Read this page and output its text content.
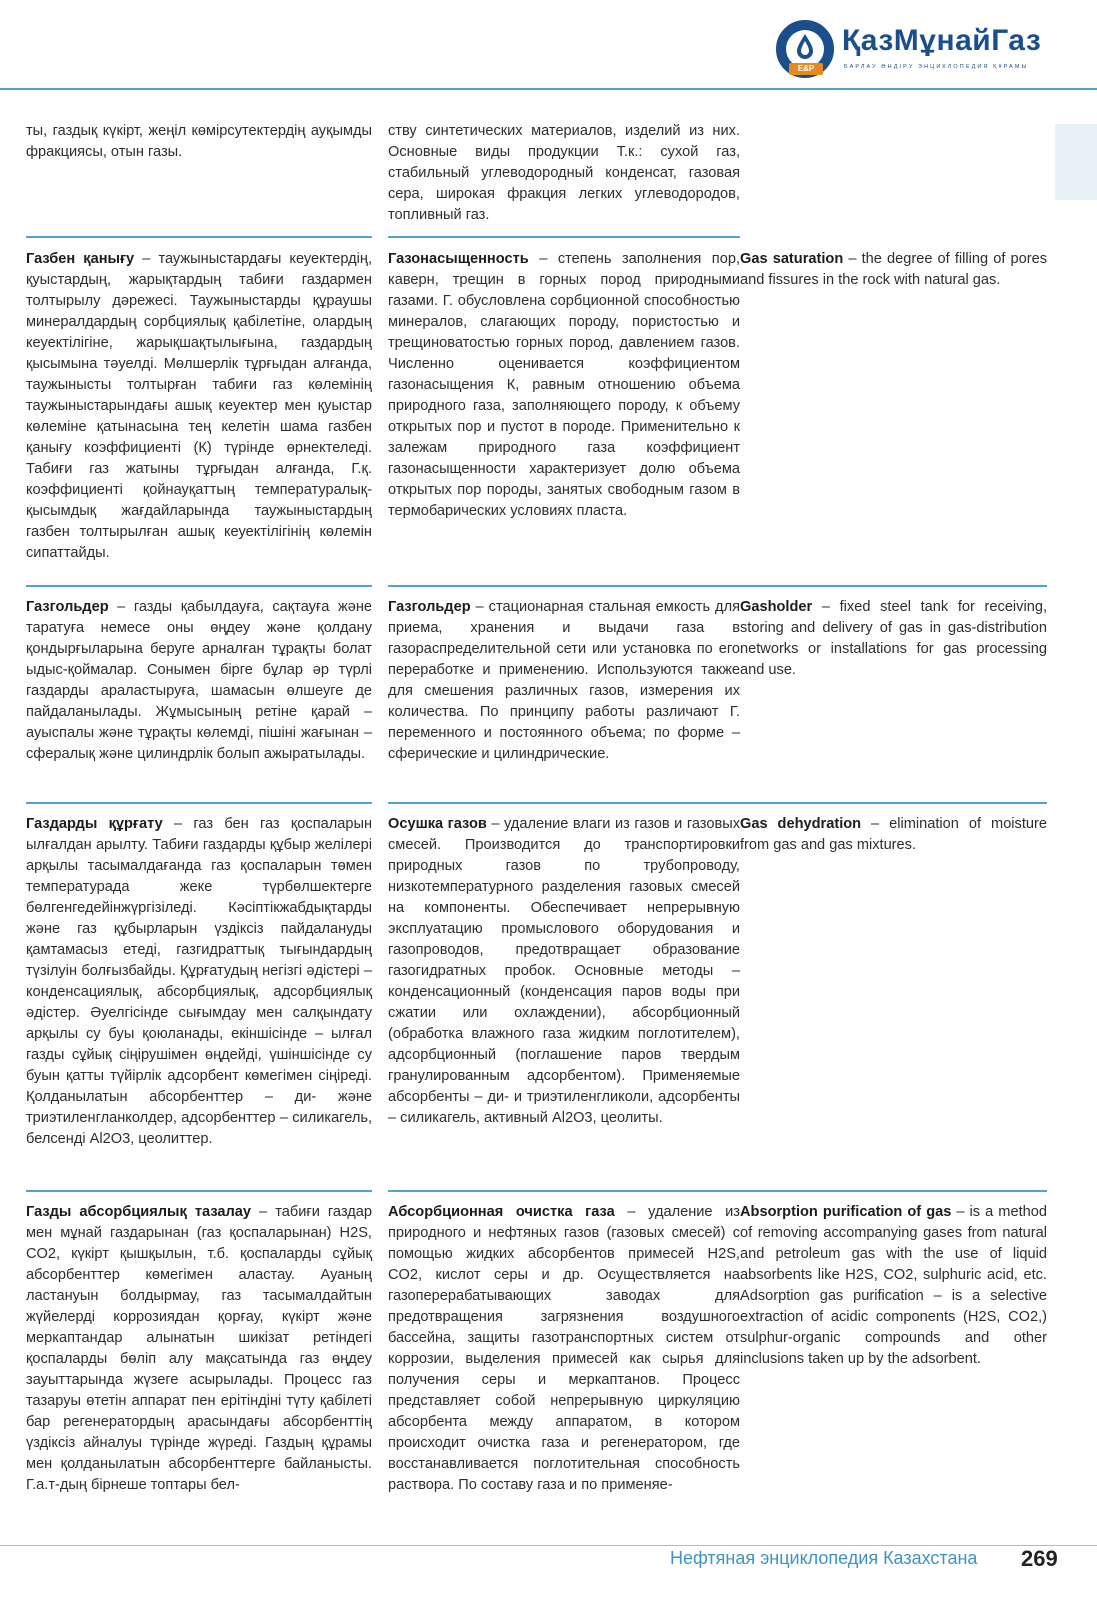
E&P
ҚазМұнайГаз
БАРЛАУ ӨНДІРУ ЭНЦИКЛОПЕДИЯ ҚҰРАМЫ
ты, газдық күкірт, жеңіл көмірсутектердің ауқымды фракциясы, отын газы.
ству синтетических материалов, изделий из них. Основные виды продукции Т.к.: сухой газ, стабильный углеводородный конденсат, газовая сера, широкая фракция легких углеводородов, топливный газ.
Газбен қанығу – таужыныстардағы кеуектердің, қуыстардың, жарықтардың табиғи газдармен толтырылу дәрежесі. Таужыныстарды құраушы минералдардың сорбциялық қабілетіне, олардың кеуектілігіне, жарықшақтылығына, газдардың қысымына тәуелді. Мөлшерлік тұрғыдан алғанда, таужынысты толтырған табиғи газ көлемінің таужыныстарындағы ашық кеуектер мен қуыстар көлеміне қатынасына тең келетін шама газбен қанығу коэффициенті (К) түрінде өрнектеледі. Табиғи газ жатыны тұрғыдан алғанда, Г.қ. коэффициенті қойнауқаттың температуралық-қысымдық жағдайларында таужыныстардың газбен толтырылған ашық кеуектілігінің көлемін сипаттайды.
Газонасыщенность – степень заполнения пор, каверн, трещин в горных пород природными газами. Г. обусловлена сорбционной способностью минералов, слагающих породу, пористостью и трещиноватостью горных пород, давлением газов. Численно оценивается коэффициентом газонасыщения К, равным отношению объема природного газа, заполняющего породу, к объему открытых пор и пустот в породе. Применительно к залежам природного газа коэффициент газонасыщенности характеризует долю объема открытых пор породы, занятых свободным газом в термобарических условиях пласта.
Gas saturation – the degree of filling of pores and fissures in the rock with natural gas.
Газгольдер – газды қабылдауға, сақтауға және таратуға немесе оны өңдеу және қолдану қондырғыларына беруге арналған тұрақты болат ыдыс-қоймалар. Сонымен бірге бұлар әр түрлі газдарды араластыруға, шамасын өлшеуге де пайдаланылады. Жұмысының ретіне қарай – ауыспалы және тұрақты көлемді, пішіні жағынан – сфералық және цилиндрлік болып ажыратылады.
Газгольдер – стационарная стальная емкость для приема, хранения и выдачи газа в газораспределительной сети или установка по его переработке и применению. Используются также для смешения различных газов, измерения их количества. По принципу работы различают Г. переменного и постоянного объема; по форме – сферические и цилиндрические.
Gasholder – fixed steel tank for receiving, storing and delivery of gas in gas-distribution networks or installations for gas processing and use.
Газдарды құрғату – газ бен газ қоспаларын ылғалдан арылту. Табиғи газдарды құбыр желілері арқылы тасымалдағанда газ қоспаларын төмен температурада жеке түрбөлшектерге бөлгенгедейінжүргізіледі. Кәсіптікжабдықтарды және газ құбырларын үздіксіз пайдалануды қамтамасыз етеді, газгидраттық тығындардың түзілуін болғызбайды. Құрғатудың негізгі әдістері – конденсациялық, абсорбциялық, адсорбциялық әдістер. Әуелгісінде сығымдау мен салқындату арқылы су буы қоюланады, екіншісінде – ылғал газды сұйық сіңірушімен өңдейді, үшіншісінде су буын қатты түйірлік адсорбент көмегімен сіңіреді. Қолданылатын абсорбенттер – ди- және триэтиленгланколдер, адсорбенттер – силикагель, белсенді Al2O3, цеолиттер.
Осушка газов – удаление влаги из газов и газовых смесей. Производится до транспортировки природных газов по трубопроводу, низкотемпературного разделения газовых смесей на компоненты. Обеспечивает непрерывную эксплуатацию промыслового оборудования и газопроводов, предотвращает образование газогидратных пробок. Основные методы – конденсационный (конденсация паров воды при сжатии или охлаждении), абсорбционный (обработка влажного газа жидким поглотителем), адсорбционный (поглашение паров твердым гранулированным адсорбентом). Применяемые абсорбенты – ди- и триэтиленгликоли, адсорбенты – силикагель, активный Al2O3, цеолиты.
Gas dehydration – elimination of moisture from gas and gas mixtures.
Газды абсорбциялық тазалау – табиғи газдар мен мұнай газдарынан (газ қоспаларынан) H2S, CO2, күкірт қышқылын, т.б. қоспаларды сұйық абсорбенттер көмегімен аластау. Ауаның ластануын болдырмау, газ тасымалдайтын жүйелерді коррозиядан қорғау, күкірт және меркаптандар алынатын шикізат ретіндегі қоспаларды бөліп алу мақсатында газ өңдеу зауыттарында жүзеге асырылады. Процесс газ тазаруы өтетін аппарат пен ерітіндіні түту қабілеті бар регенератордың арасындағы абсорбенттің үздіксіз айналуы түрінде жүреді. Газдың құрамы мен қолданылатын абсорбенттерге байланысты. Г.а.т-дың бірнеше топтары бел-
Абсорбционная очистка газа – удаление из природного и нефтяных газов (газовых смесей) с помощью жидких абсорбентов примесей H2S, CO2, кислот серы и др. Осуществляется на газоперерабатывающих заводах для предотвращения загрязнения воздушного бассейна, защиты газотранспортных систем от коррозии, выделения примесей как сырья для получения серы и меркаптанов. Процесс представляет собой непрерывную циркуляцию абсорбента между аппаратом, в котором происходит очистка газа и регенератором, где восстанавливается поглотительная способность раствора. По составу газа и по применяе-
Absorption purification of gas – is a method of removing accompanying gases from natural and petroleum gas with the use of liquid absorbents like H2S, CO2, sulphuric acid, etc. Adsorption gas purification – is a selective extraction of acidic components (H2S, CO2,) sulphur-organic compounds and other inclusions taken up by the adsorbent.
Нефтяная энциклопедия Казахстана 269
